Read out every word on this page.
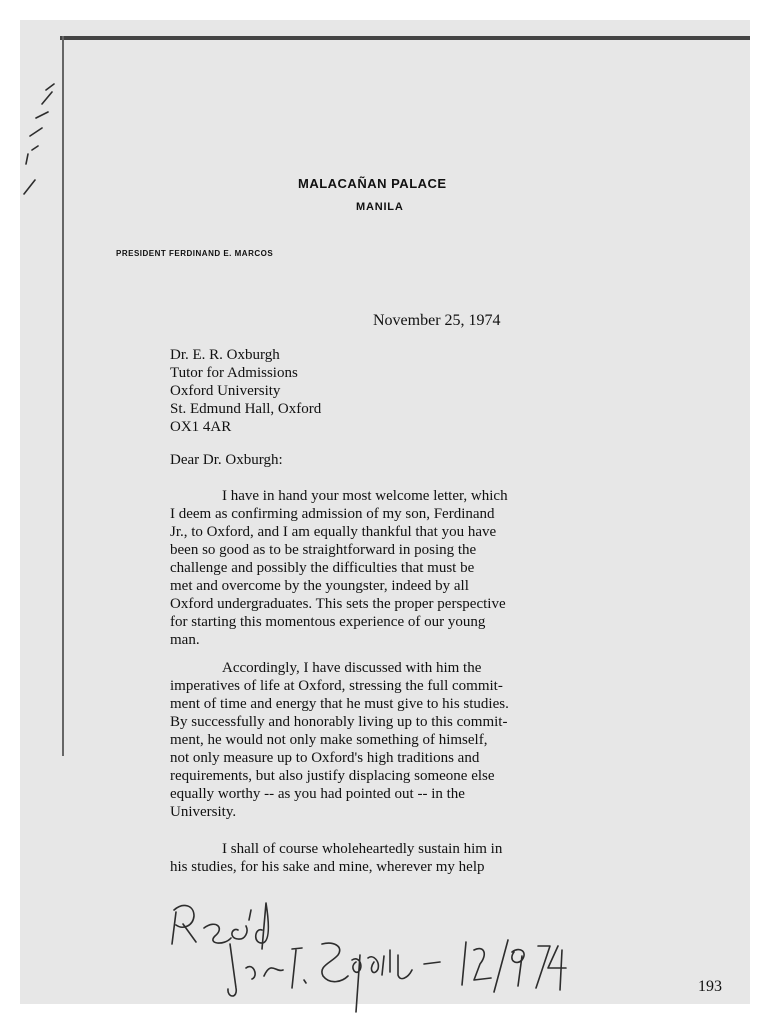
MALACAÑAN PALACE
MANILA
PRESIDENT FERDINAND E. MARCOS
November 25, 1974
Dr. E. R. Oxburgh
Tutor for Admissions
Oxford University
St. Edmund Hall, Oxford
OX1 4AR
Dear Dr. Oxburgh:
I have in hand your most welcome letter, which
I deem as confirming admission of my son, Ferdinand
Jr., to Oxford, and I am equally thankful that you have
been so good as to be straightforward in posing the
challenge and possibly the difficulties that must be
met and overcome by the youngster, indeed by all
Oxford undergraduates. This sets the proper perspective
for starting this momentous experience of our young
man.
Accordingly, I have discussed with him the
imperatives of life at Oxford, stressing the full commit-
ment of time and energy that he must give to his studies.
By successfully and honorably living up to this commit-
ment, he would not only make something of himself,
not only measure up to Oxford's high traditions and
requirements, but also justify displacing someone else
equally worthy -- as you had pointed out -- in the
University.
I shall of course wholeheartedly sustain him in
his studies, for his sake and mine, wherever my help
193
